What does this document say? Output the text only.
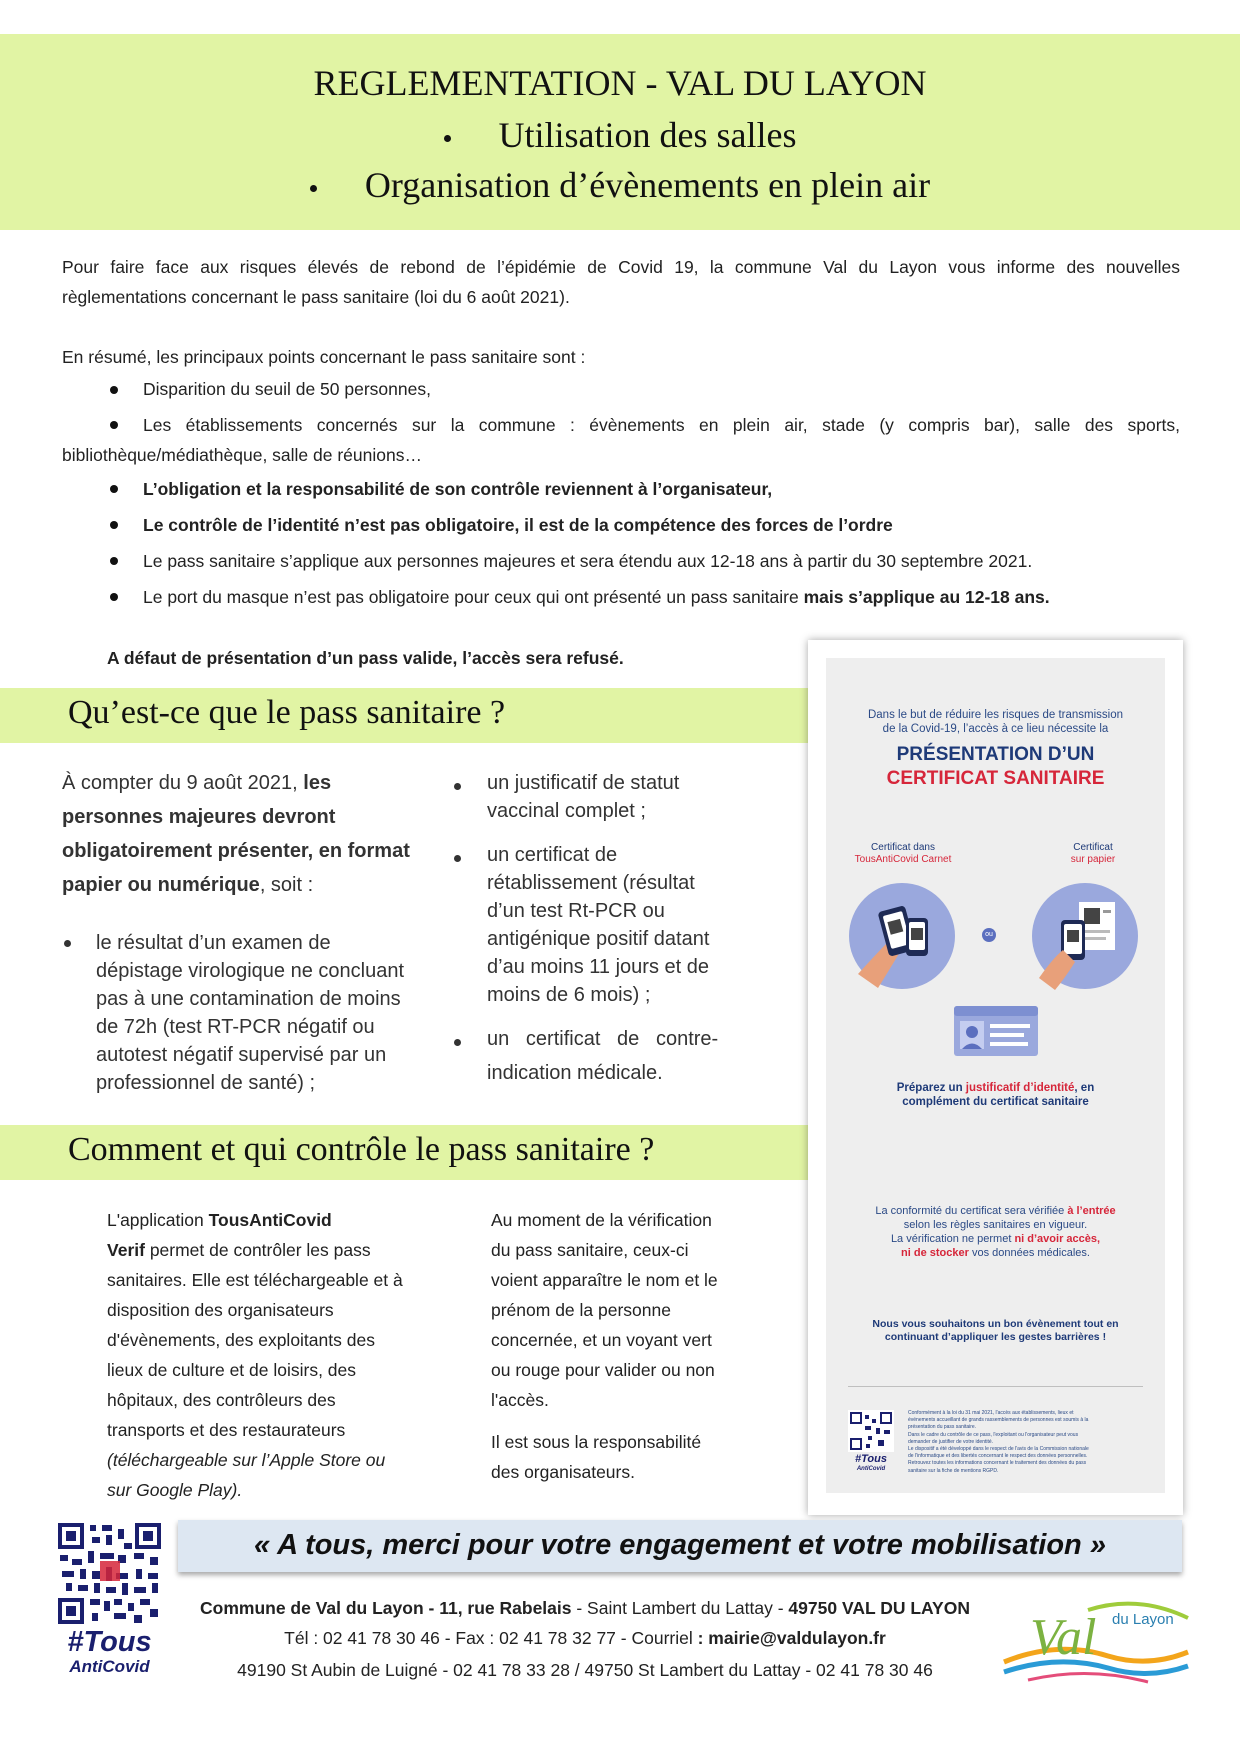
REGLEMENTATION - VAL DU LAYON
Utilisation des salles
Organisation d’évènements en plein air
Pour faire face aux risques élevés de rebond de l’épidémie de Covid 19, la commune Val du Layon vous informe des nouvelles
règlementations concernant le pass sanitaire (loi du 6 août 2021).
En résumé, les principaux points concernant le pass sanitaire sont :
Disparition du seuil de 50 personnes,
Les établissements concernés sur la commune : évènements en plein air, stade (y compris bar), salle des sports,
bibliothèque/médiathèque, salle de réunions…
L’obligation et la responsabilité de son contrôle reviennent à l’organisateur,
Le contrôle de l’identité n’est pas obligatoire, il est de la compétence des forces de l’ordre
Le pass sanitaire s’applique aux personnes majeures et sera étendu aux 12-18 ans à partir du 30 septembre 2021.
Le port du masque n’est pas obligatoire pour ceux qui ont présenté un pass sanitaire mais s’applique au 12-18 ans.
A défaut de présentation d’un pass valide, l’accès sera refusé.
Qu’est-ce que le pass sanitaire ?
À compter du 9 août 2021, les
personnes majeures devront
obligatoirement présenter, en format
papier ou numérique, soit :
le résultat d’un examen de
dépistage virologique ne concluant
pas à une contamination de moins
de 72h (test RT-PCR négatif ou
autotest négatif supervisé par un
professionnel de santé) ;
un justificatif de statut
vaccinal complet ;
un certificat de
rétablissement (résultat
d’un test Rt-PCR ou
antigénique positif datant
d’au moins 11 jours et de
moins de 6 mois) ;
un   certificat   de   contre-
indication médicale.
Comment et qui contrôle le pass sanitaire ?
L'application TousAntiCovid
Verif permet de contrôler les pass
sanitaires. Elle est téléchargeable et à
disposition des organisateurs
d'évènements, des exploitants des
lieux de culture et de loisirs, des
hôpitaux, des contrôleurs des
transports et des restaurateurs
(téléchargeable sur l’Apple Store ou
sur Google Play).
Au moment de la vérification
du pass sanitaire, ceux-ci
voient apparaître le nom et le
prénom de la personne
concernée, et un voyant vert
ou rouge pour valider ou non
l'accès.
Il est sous la responsabilité
des organisateurs.
Dans le but de réduire les risques de transmission
de la Covid-19, l’accès à ce lieu nécessite la
PRÉSENTATION D’UN
CERTIFICAT SANITAIRE
Certificat dans
TousAntiCovid Carnet
Certificat
sur papier
ou
Préparez un justificatif d’identité, en
complément du certificat sanitaire
La conformité du certificat sera vérifiée à l’entrée
selon les règles sanitaires en vigueur.
La vérification ne permet ni d’avoir accès,
ni de stocker vos données médicales.
Nous vous souhaitons un bon évènement tout en
continuant d’appliquer les gestes barrières !
#Tous
AntiCovid
Conformément à la loi du 31 mai 2021, l'accès aux établissements, lieux et
événements accueillant de grands rassemblements de personnes est soumis à la
présentation du pass sanitaire.
Dans le cadre du contrôle de ce pass, l'exploitant ou l'organisateur peut vous
demander de justifier de votre identité.
Le dispositif a été développé dans le respect de l'avis de la Commission nationale
de l'informatique et des libertés concernant le respect des données personnelles.
Retrouvez toutes les informations concernant le traitement des données du pass
sanitaire sur la fiche de mentions RGPD.
#Tous
AntiCovid
« A tous, merci pour votre engagement et votre mobilisation »
Commune de Val du Layon - 11, rue Rabelais - Saint Lambert du Lattay - 49750 VAL DU LAYON
Tél : 02 41 78 30 46 - Fax : 02 41 78 32 77 - Courriel : mairie@valdulayon.fr
49190 St Aubin de Luigné - 02 41 78 33 28 / 49750 St Lambert du Lattay - 02 41 78 30 46
Val du Layon
